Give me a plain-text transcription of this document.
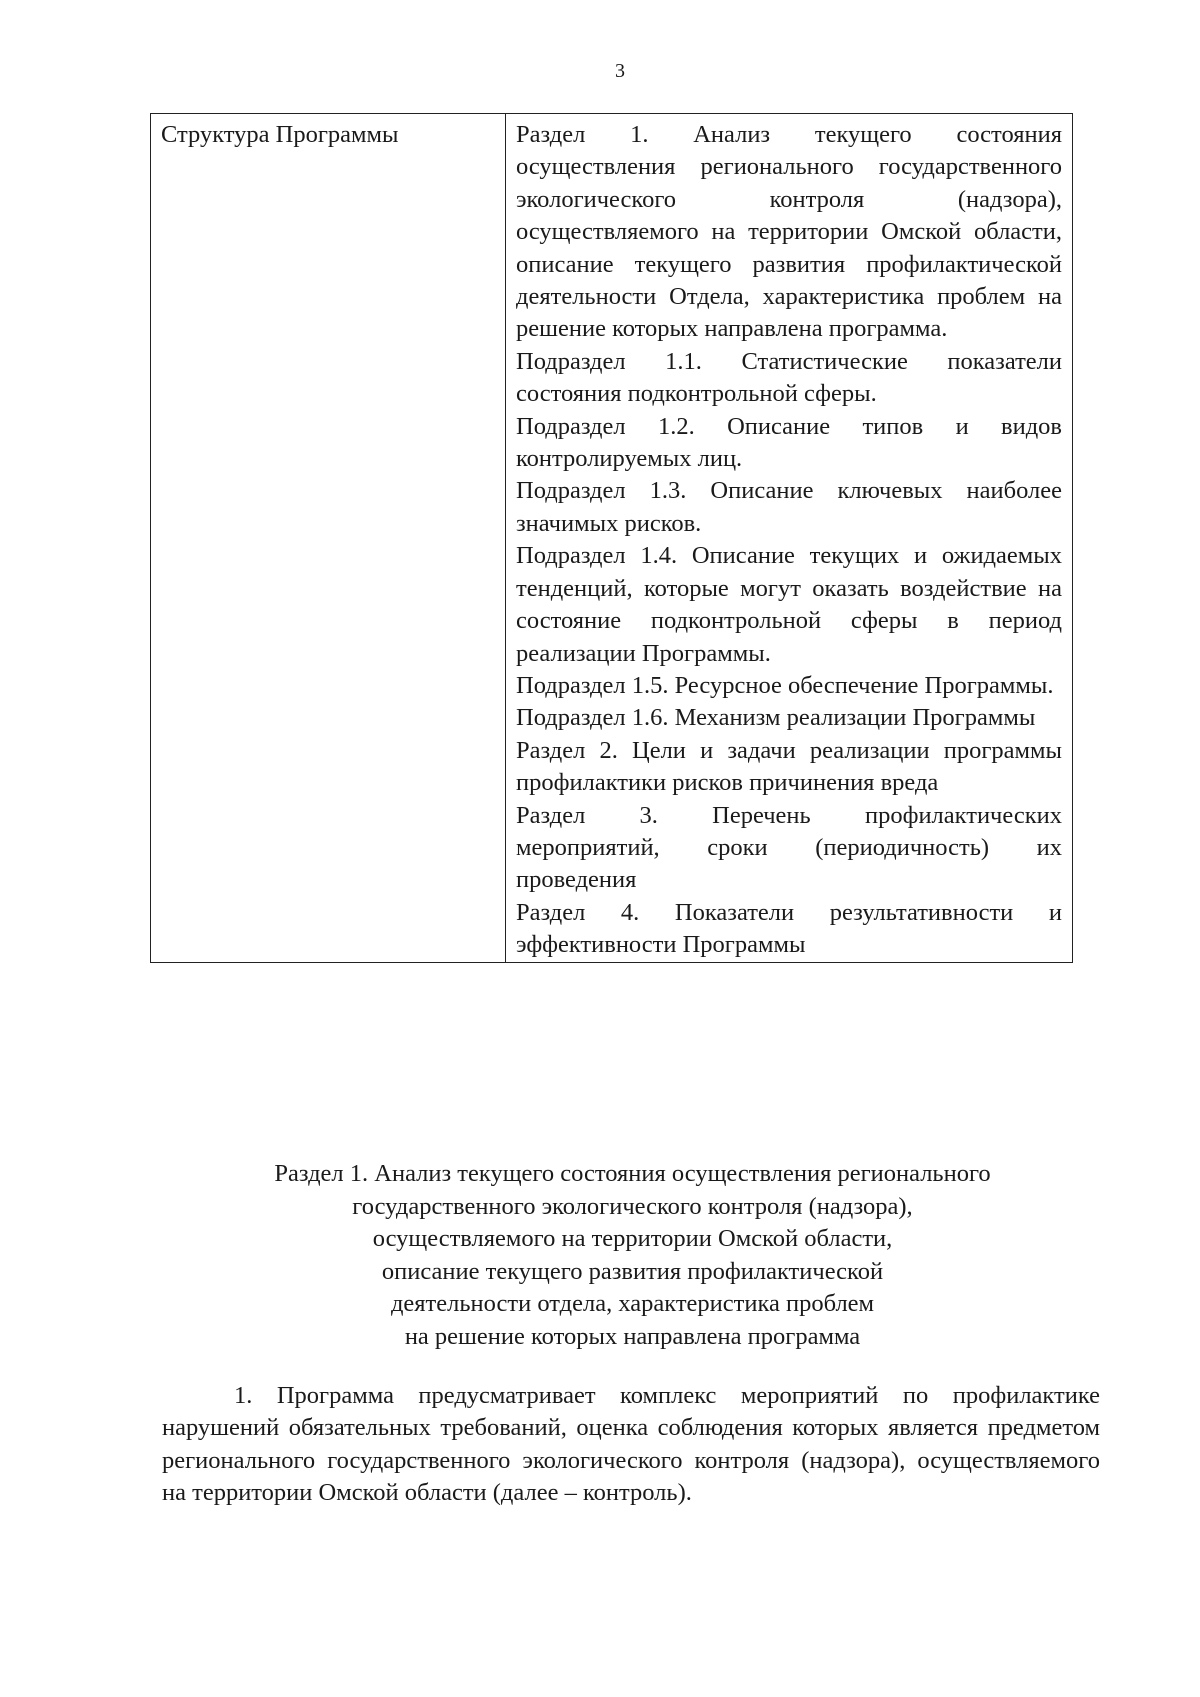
3
Структура Программы	Раздел 1. Анализ текущего состояния осуществления регионального государственного экологического контроля (надзора), осуществляемого на территории Омской области, описание текущего развития профилактической деятельности Отдела, характеристика проблем на решение которых направлена программа.

Подраздел 1.1. Статистические показатели состояния подконтрольной сферы.

Подраздел 1.2. Описание типов и видов контролируемых лиц.

Подраздел 1.3. Описание ключевых наиболее значимых рисков.

Подраздел 1.4. Описание текущих и ожидаемых тенденций, которые могут оказать воздействие на состояние подконтрольной сферы в период реализации Программы.

Подраздел 1.5. Ресурсное обеспечение Программы.

Подраздел 1.6. Механизм реализации Программы

Раздел 2. Цели и задачи реализации программы профилактики рисков причинения вреда

Раздел 3. Перечень профилактических мероприятий, сроки (периодичность) их проведения

Раздел 4. Показатели результативности и эффективности Программы

Раздел 1. Анализ текущего состояния осуществления регионального
государственного экологического контроля (надзора),
осуществляемого на территории Омской области,
описание текущего развития профилактической
деятельности отдела, характеристика проблем
на решение которых направлена программа

1. Программа предусматривает комплекс мероприятий по профилактике нарушений обязательных требований, оценка соблюдения которых является предметом регионального государственного экологического контроля (надзора), осуществляемого на территории Омской области (далее – контроль).
